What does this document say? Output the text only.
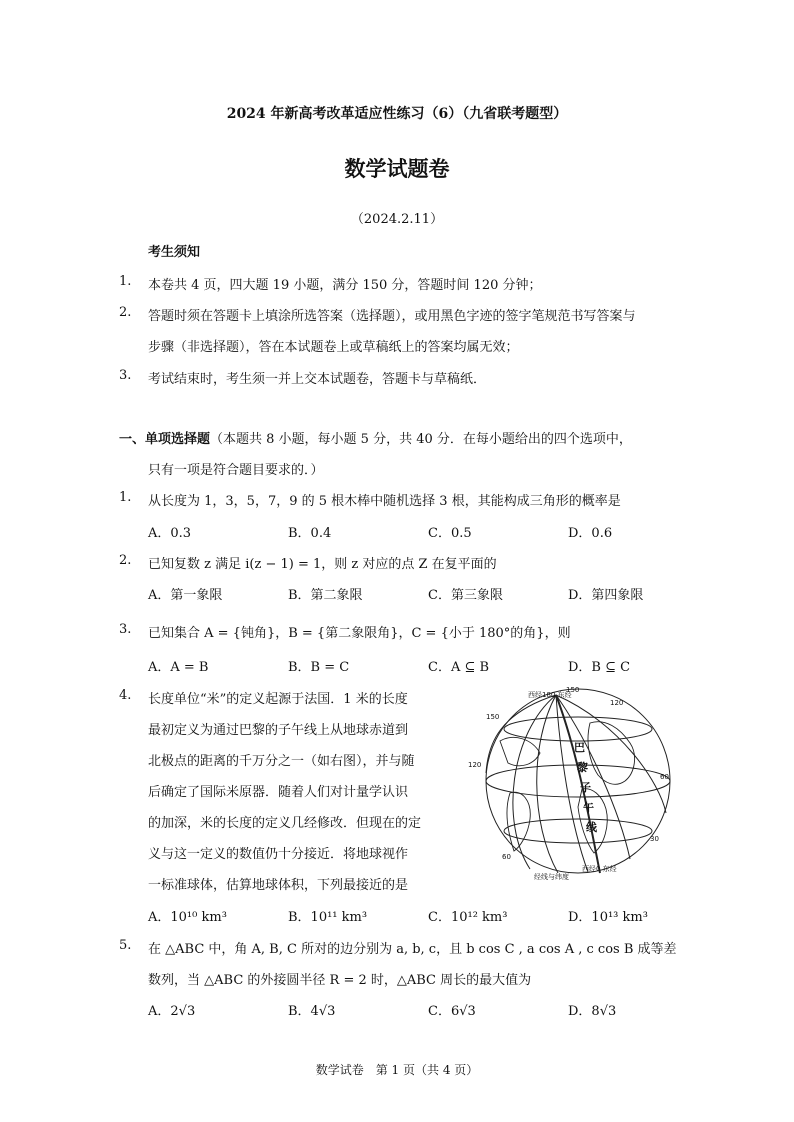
2024 年新高考改革适应性练习（6）（九省联考题型）
数学试题卷
（2024.2.11）
考生须知
1. 本卷共 4 页，四大题 19 小题，满分 150 分，答题时间 120 分钟；
2. 答题时须在答题卡上填涂所选答案（选择题），或用黑色字迹的签字笔规范书写答案与
步骤（非选择题），答在本试题卷上或草稿纸上的答案均属无效；
3. 考试结束时，考生须一并上交本试题卷，答题卡与草稿纸．
一、单项选择题（本题共 8 小题，每小题 5 分，共 40 分．在每小题给出的四个选项中，
只有一项是符合题目要求的．）
1. 从长度为 1，3，5，7，9 的 5 根木棒中随机选择 3 根，其能构成三角形的概率是
A．0.3	B．0.4	C．0.5	D．0.6
2. 已知复数 z 满足 i(z − 1) = 1，则 z 对应的点 Z 在复平面的
A．第一象限	B．第二象限	C．第三象限	D．第四象限
3. 已知集合 A = {钝角}，B = {第二象限角}，C = {小于 180°的角}，则
A．A = B	B．B = C	C．A ⊆ B	D．B ⊆ C
4. 长度单位“米”的定义起源于法国．1 米的长度
最初定义为通过巴黎的子午线上从地球赤道到
北极点的距离的千万分之一（如右图），并与随
后确定了国际米原器．随着人们对计量学认识
的加深，米的长度的定义几经修改．但现在的定
义与这一定义的数值仍十分接近．将地球视作
一标准球体，估算地球体积，下列最接近的是
A．10¹⁰ km³	B．10¹¹ km³	C．10¹² km³	D．10¹³ km³
西经180 东经
150
150
120
120
60
60
30
西经0 东经
经线与纬度
巴
黎
子
午
线
5. 在 △ABC 中，角 A, B, C 所对的边分别为 a, b, c，且 b cos C , a cos A , c cos B 成等差
数列，当 △ABC 的外接圆半径 R = 2 时，△ABC 周长的最大值为
A．2√3	B．4√3	C．6√3	D．8√3
数学试卷　第 1 页（共 4 页）
